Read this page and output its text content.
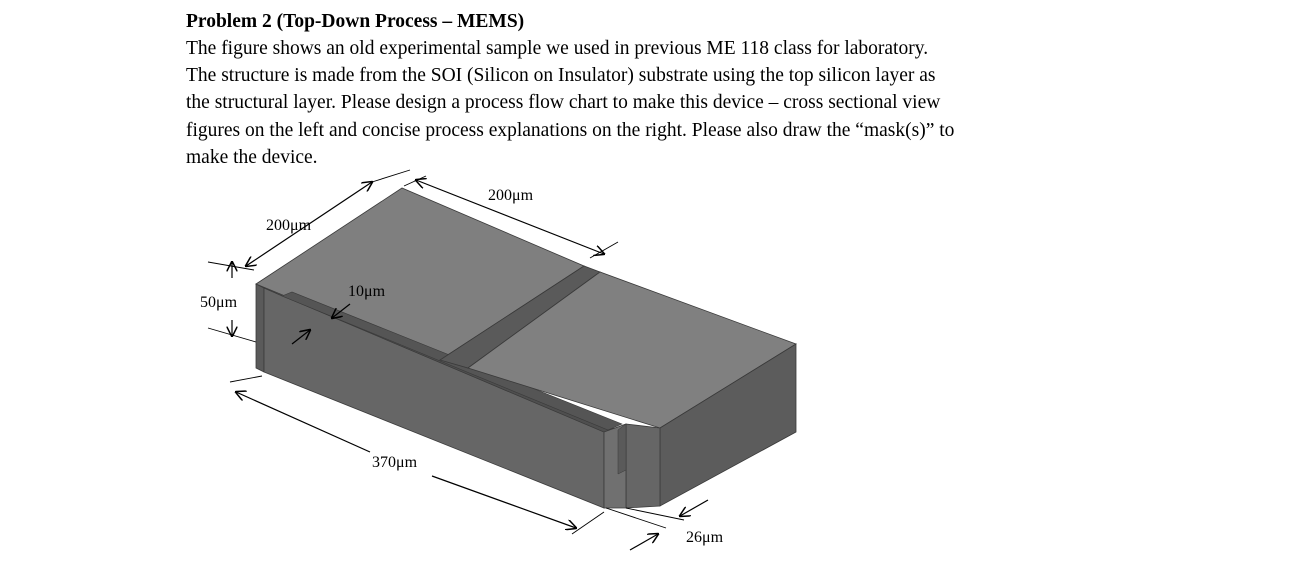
Problem 2 (Top-Down Process – MEMS)

The figure shows an old experimental sample we used in previous ME 118 class for laboratory.
The structure is made from the SOI (Silicon on Insulator) substrate using the top silicon layer as
the structural layer. Please design a process flow chart to make this device – cross sectional view
figures on the left and concise process explanations on the right. Please also draw the “mask(s)” to
make the device.

200μm
200μm
50μm
10μm
370μm
26μm
